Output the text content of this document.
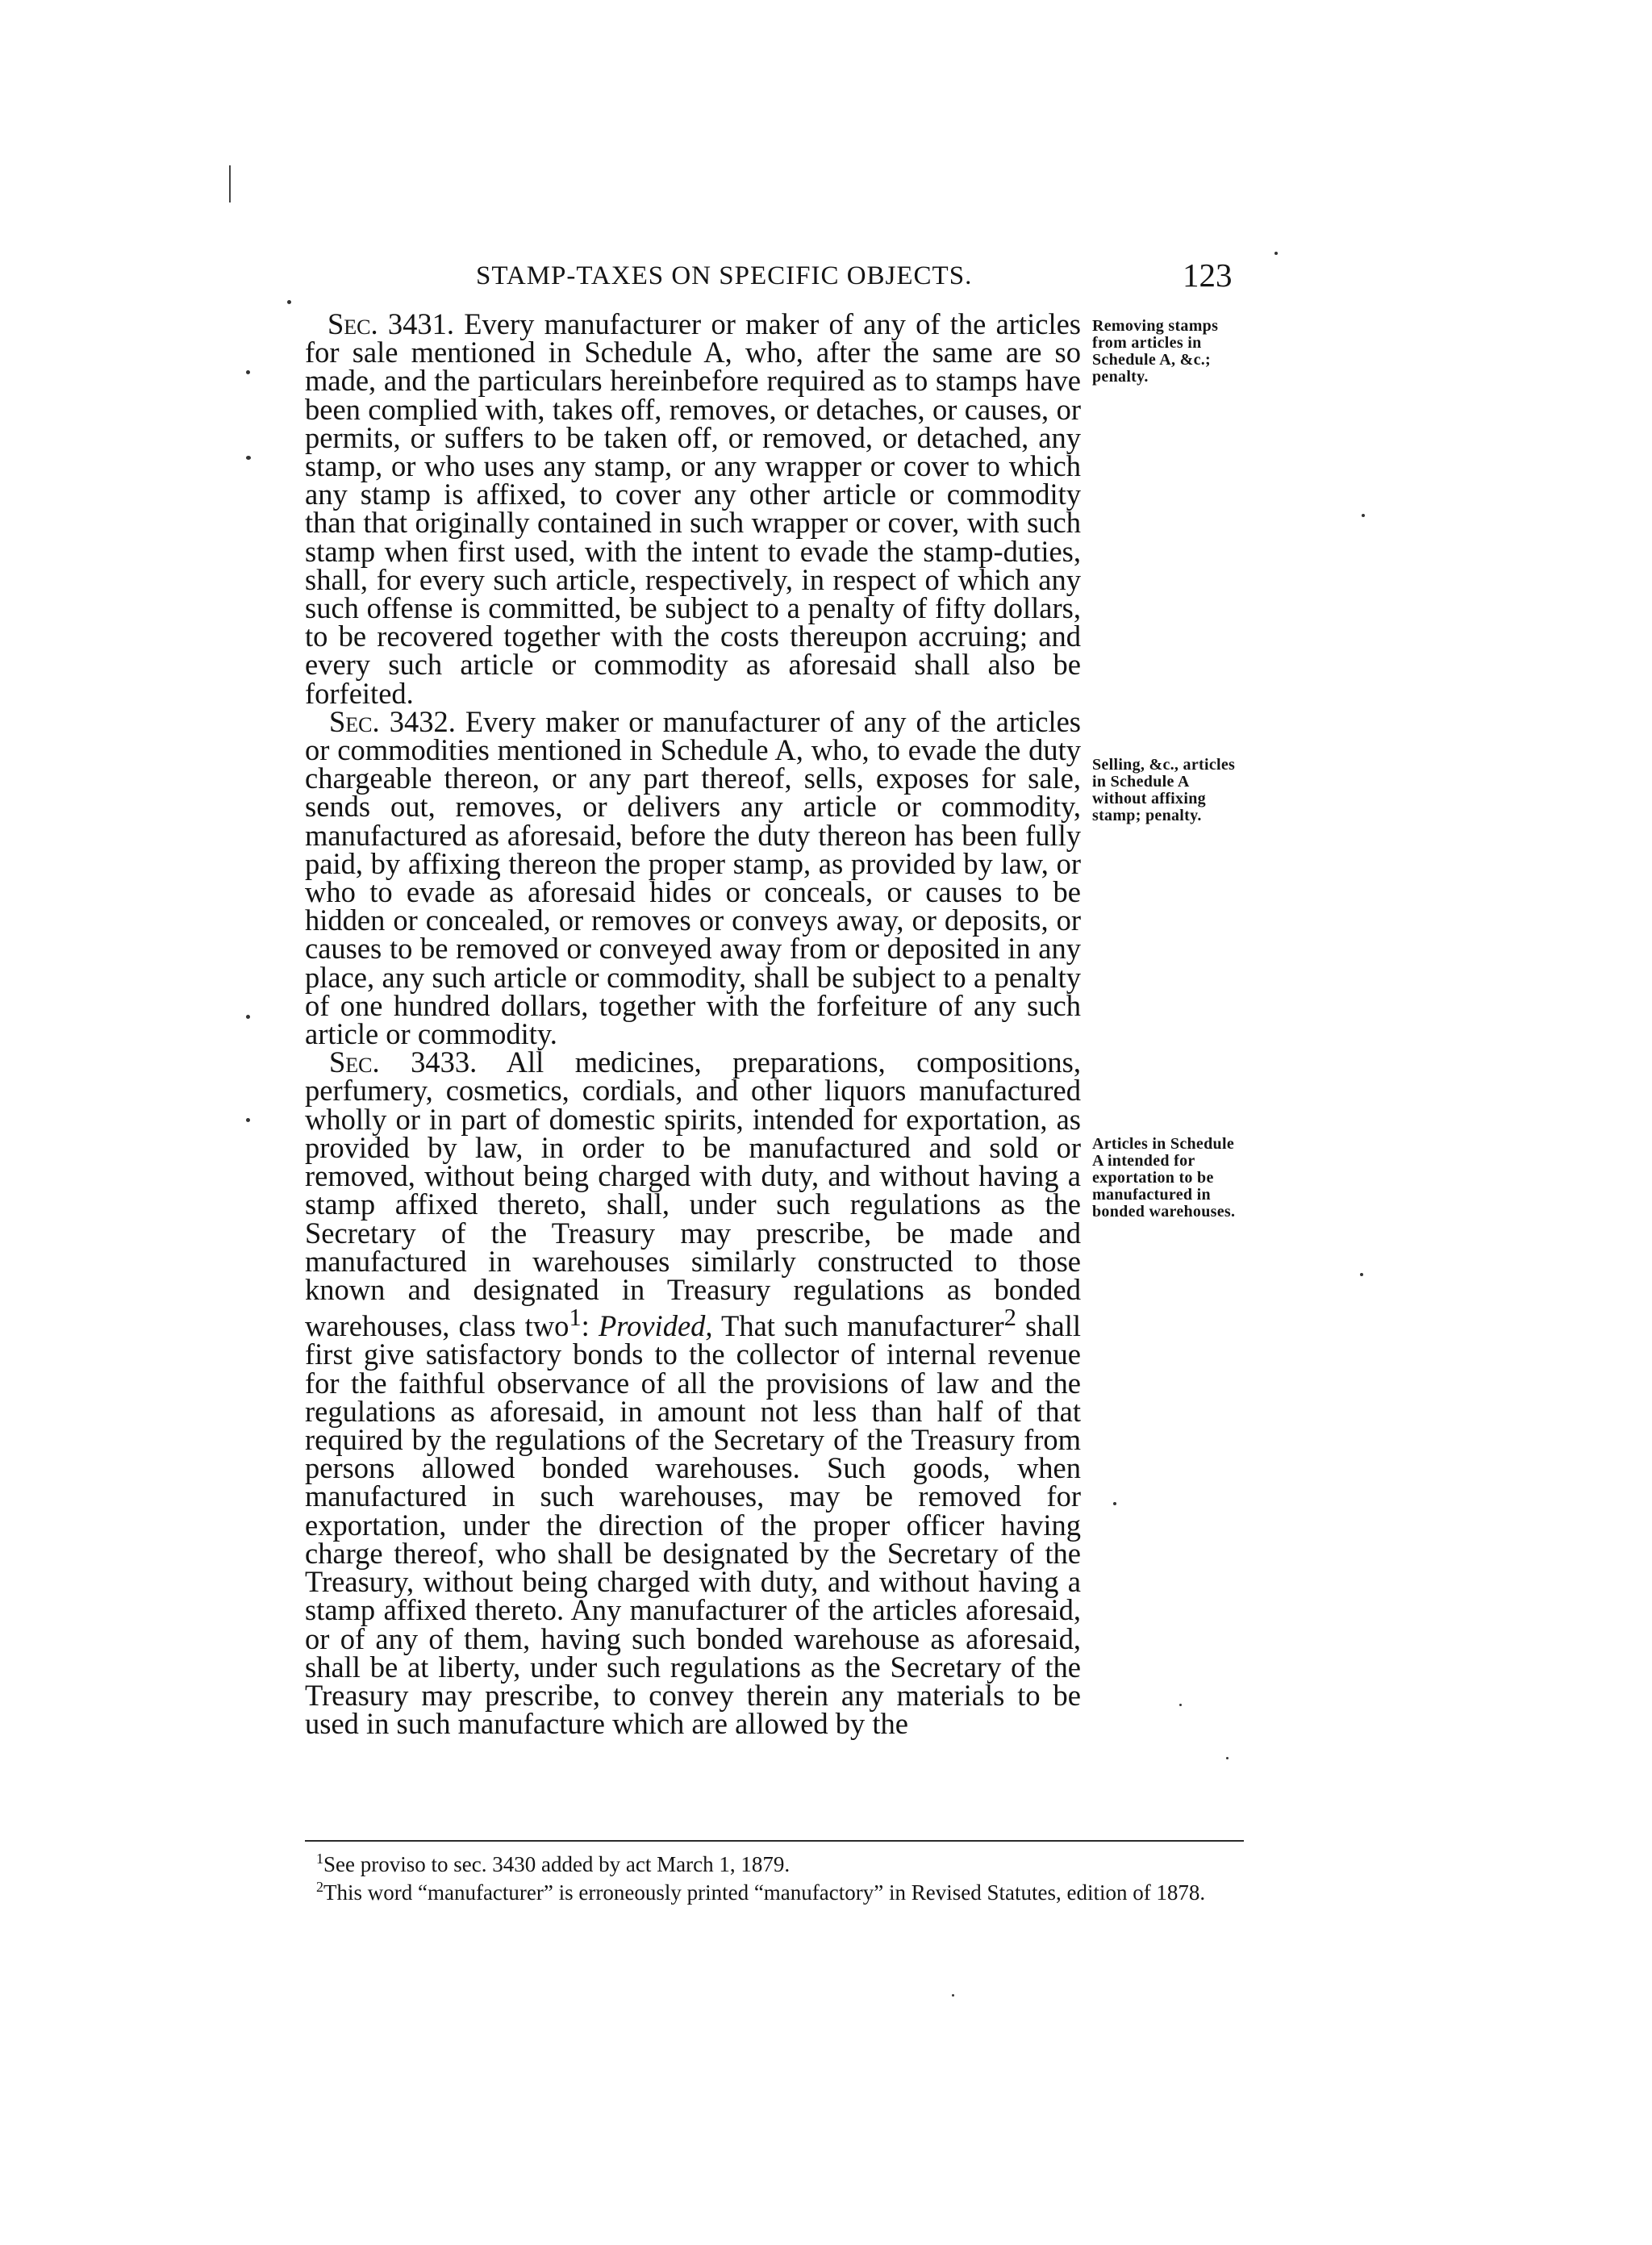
STAMP-TAXES ON SPECIFIC OBJECTS.	123

Sec. 3431. Every manufacturer or maker of any of the articles for sale mentioned in Schedule A, who, after the same are so made, and the particulars hereinbefore required as to stamps have been complied with, takes off, removes, or detaches, or causes, or permits, or suffers to be taken off, or removed, or detached, any stamp, or who uses any stamp, or any wrapper or cover to which any stamp is affixed, to cover any other article or commodity than that originally contained in such wrapper or cover, with such stamp when first used, with the intent to evade the stamp-duties, shall, for every such article, respectively, in respect of which any such offense is committed, be subject to a penalty of fifty dollars, to be recovered together with the costs thereupon accruing; and every such article or commodity as aforesaid shall also be forfeited.

Sec. 3432. Every maker or manufacturer of any of the articles or commodities mentioned in Schedule A, who, to evade the duty chargeable thereon, or any part thereof, sells, exposes for sale, sends out, removes, or delivers any article or commodity, manufactured as aforesaid, before the duty thereon has been fully paid, by affixing thereon the proper stamp, as provided by law, or who to evade as aforesaid hides or conceals, or causes to be hidden or concealed, or removes or conveys away, or deposits, or causes to be removed or conveyed away from or deposited in any place, any such article or commodity, shall be subject to a penalty of one hundred dollars, together with the forfeiture of any such article or commodity.

Sec. 3433. All medicines, preparations, compositions, perfumery, cosmetics, cordials, and other liquors manufactured wholly or in part of domestic spirits, intended for exportation, as provided by law, in order to be manufactured and sold or removed, without being charged with duty, and without having a stamp affixed thereto, shall, under such regulations as the Secretary of the Treasury may prescribe, be made and manufactured in warehouses similarly constructed to those known and designated in Treasury regulations as bonded warehouses, class two$^1$: Provided, That such manufacturer$^2$ shall first give satisfactory bonds to the collector of internal revenue for the faithful observance of all the provisions of law and the regulations as aforesaid, in amount not less than half of that required by the regulations of the Secretary of the Treasury from persons allowed bonded warehouses. Such goods, when manufactured in such warehouses, may be removed for exportation, under the direction of the proper officer having charge thereof, who shall be designated by the Secretary of the Treasury, without being charged with duty, and without having a stamp affixed thereto. Any manufacturer of the articles aforesaid, or of any of them, having such bonded warehouse as aforesaid, shall be at liberty, under such regulations as the Secretary of the Treasury may prescribe, to convey therein any materials to be used in such manufacture which are allowed by the

Removing stamps from articles in Schedule A, &c.; penalty.
Selling, &c., articles in Schedule A without affixing stamp; penalty.
Articles in Schedule A intended for exportation to be manufactured in bonded warehouses.
$^1$See proviso to sec. 3430 added by act March 1, 1879.
$^2$This word “manufacturer” is erroneously printed “manufactory” in Revised Statutes, edition of 1878.
